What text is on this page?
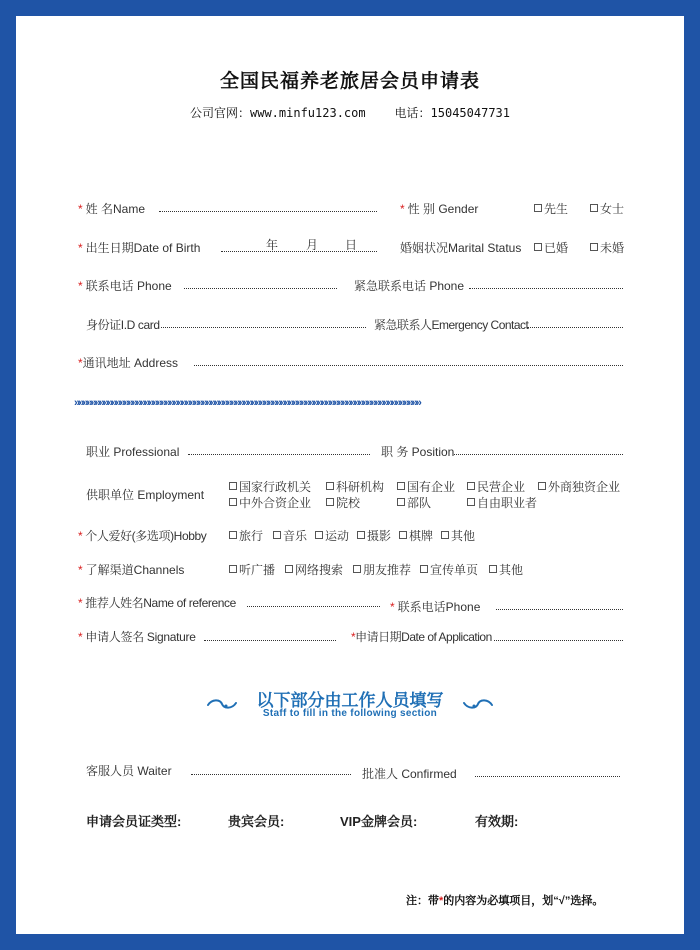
全国民福养老旅居会员申请表
公司官网：www.minfu123.com 电话：15045047731
* 姓 名Name	* 性 别 Gender	先生	女士
* 出生日期Date of Birth	年 月 日	婚姻状况Marital Status	已婚	未婚
* 联系电话 Phone	紧急联系电话 Phone
身份证I.D card	紧急联系人Emergency Contact
*通讯地址 Address
»»»»»»»»»»»»»»»»»»»»»»»»»»»»»»»»»»»»»»»»»»»»»»»»»»»»»»»»»»»»»»»»»»»»»»»»»»»»»»»»»»»»
职业 Professional	职 务 Position
供职单位 Employment
国家行政机关	科研机构	国有企业	民营企业	外商独资企业
中外合资企业	院校	部队	自由职业者
* 个人爱好(多选项)Hobby	旅行	音乐	运动	摄影	棋牌	其他
* 了解渠道Channels	听广播	网络搜索	朋友推荐	宣传单页	其他
* 推荐人姓名Name of reference	* 联系电话Phone
* 申请人签名 Signature	*申请日期Date of Application
以下部分由工作人员填写
Staff to fill in the following section
客服人员 Waiter	批准人 Confirmed
申请会员证类型:	贵宾会员:	VIP金牌会员:	有效期:
注：带*的内容为必填项目，划“√”选择。
